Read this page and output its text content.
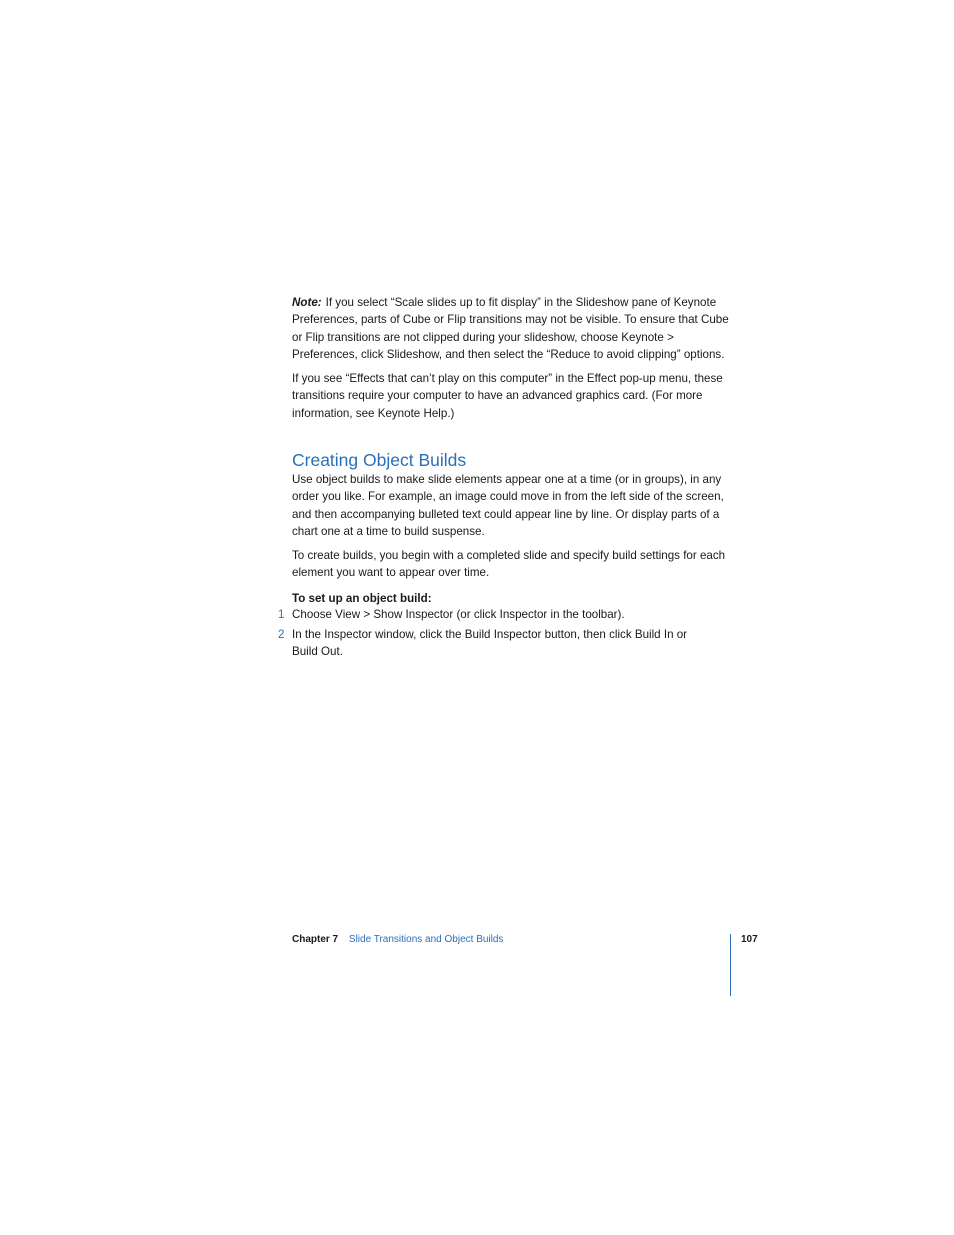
Note: If you select “Scale slides up to fit display” in the Slideshow pane of Keynote Preferences, parts of Cube or Flip transitions may not be visible. To ensure that Cube or Flip transitions are not clipped during your slideshow, choose Keynote > Preferences, click Slideshow, and then select the “Reduce to avoid clipping” options.

If you see “Effects that can’t play on this computer” in the Effect pop-up menu, these transitions require your computer to have an advanced graphics card. (For more information, see Keynote Help.)

Creating Object Builds

Use object builds to make slide elements appear one at a time (or in groups), in any order you like. For example, an image could move in from the left side of the screen, and then accompanying bulleted text could appear line by line. Or display parts of a chart one at a time to build suspense.

To create builds, you begin with a completed slide and specify build settings for each element you want to appear over time.

To set up an object build:

1 Choose View > Show Inspector (or click Inspector in the toolbar).
2 In the Inspector window, click the Build Inspector button, then click Build In or Build Out.
Chapter 7 Slide Transitions and Object Builds	107
